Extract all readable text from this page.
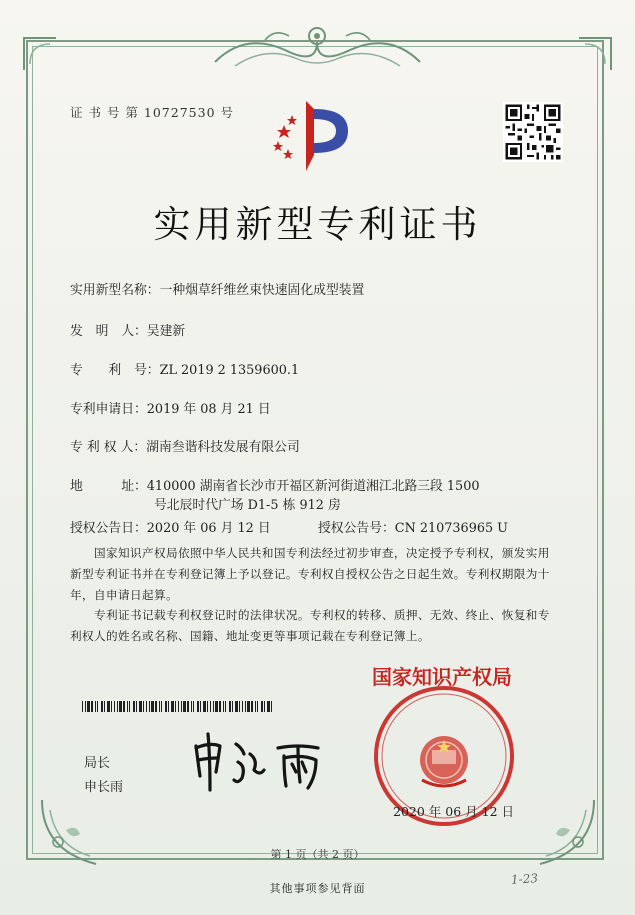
证 书 号 第 10727530 号
实用新型专利证书
实用新型名称：一种烟草纤维丝束快速固化成型装置
发　明　人：吴建新
专　　利　号：ZL 2019 2 1359600.1
专利申请日：2019 年 08 月 21 日
专 利 权 人：湖南叁谐科技发展有限公司
地　　　址：410000 湖南省长沙市开福区新河街道湘江北路三段 1500
号北辰时代广场 D1-5 栋 912 房
授权公告日：2020 年 06 月 12 日	授权公告号：CN 210736965 U
国家知识产权局依照中华人民共和国专利法经过初步审查，决定授予专利权，颁发实用
新型专利证书并在专利登记簿上予以登记。专利权自授权公告之日起生效。专利权期限为十
年，自申请日起算。
专利证书记载专利权登记时的法律状况。专利权的转移、质押、无效、终止、恢复和专
利权人的姓名或名称、国籍、地址变更等事项记载在专利登记簿上。
局长
申长雨
国家知识产权局
2020 年 06 月 12 日
第 1 页（共 2 页）
其他事项参见背面
1-23
